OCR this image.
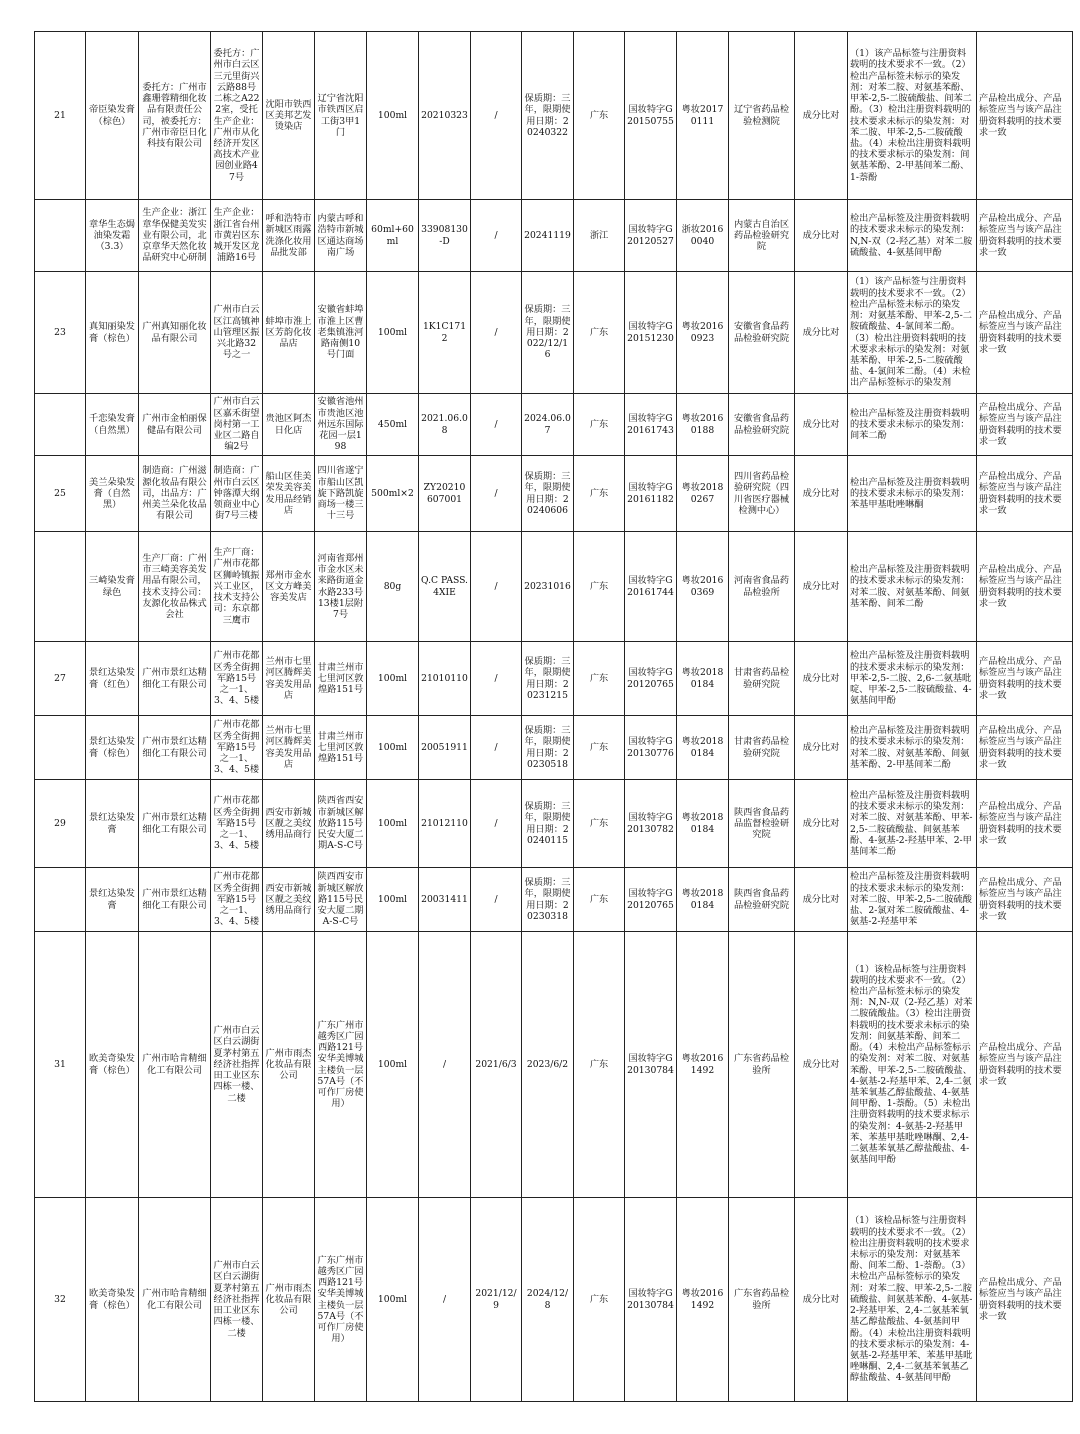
21	帝臣染发膏（棕色）	委托方：广州市鑫珊蓉精细化妆品有限责任公司，被委托方：广州市帝臣日化科技有限公司	委托方：广州市白云区三元里街兴云路88号二栋之A222室，受托生产企业：广州市从化经济开发区高技术产业园创业路47号	沈阳市铁西区美邦艺发烫染店	辽宁省沈阳市铁西区启工街3甲1门	100ml	20210323	/	保质期：三年，限期使用日期：20240322	广东	国妆特字G20150755	粤妆20170111	辽宁省药品检验检测院	成分比对	（1）该产品标签与注册资料载明的技术要求不一致。（2）检出产品标签未标示的染发剂：对苯二胺、对氨基苯酚、甲苯-2,5-二胺硫酸盐、间苯二酚。（3）检出注册资料载明的技术要求未标示的染发剂：对苯二胺、甲苯-2,5-二胺硫酸盐。（4）未检出注册资料载明的技术要求标示的染发剂：间氨基苯酚、2-甲基间苯二酚、1-萘酚	产品检出成分、产品标签应当与该产品注册资料载明的技术要求一致

	章华生态焗油染发霜（3.3）	生产企业：浙江章华保健美发实业有限公司，北京章华天然化妆品研究中心研制	生产企业：浙江省台州市黄岩区东城开发区龙浦路16号	呼和浩特市新城区雨露洗涤化妆用品批发部	内蒙古呼和浩特市新城区通达商场南广场	60ml+60ml	33908130-D	/	20241119	浙江	国妆特字G20120527	浙妆20160040	内蒙古自治区药品检验研究院	成分比对	检出产品标签及注册资料载明的技术要求未标示的染发剂：N,N-双（2-羟乙基）对苯二胺硫酸盐、4-氨基间甲酚	产品检出成分、产品标签应当与该产品注册资料载明的技术要求一致

23	真知丽染发膏（棕色）	广州真知丽化妆品有限公司	广州市白云区江高镇神山管理区振兴北路32号之一	蚌埠市淮上区芳韵化妆品店	安徽省蚌埠市淮上区曹老集镇淮河路南侧10号门面	100ml	1K1C1712	/	保质期：三年，限期使用日期：2022/12/16	广东	国妆特字G20151230	粤妆20160923	安徽省食品药品检验研究院	成分比对	（1）该产品标签与注册资料载明的技术要求不一致。（2）检出产品标签未标示的染发剂：对氨基苯酚、甲苯-2,5-二胺硫酸盐、4-氯间苯二酚。（3）检出注册资料载明的技术要求未标示的染发剂：对氨基苯酚、甲苯-2,5-二胺硫酸盐、4-氯间苯二酚。（4）未检出产品标签标示的染发剂	产品检出成分、产品标签应当与该产品注册资料载明的技术要求一致

	千恋染发膏（自然黑）	广州市金柏丽保健品有限公司	广州市白云区嘉禾街望岗村第一工业区二路自编2号	贵池区阿杰日化店	安徽省池州市贵池区池州远东国际花园一层198	450ml	2021.06.08	/	2024.06.07	广东	国妆特字G20161743	粤妆20160188	安徽省食品药品检验研究院	成分比对	检出产品标签及注册资料载明的技术要求未标示的染发剂：间苯二酚	产品检出成分、产品标签应当与该产品注册资料载明的技术要求一致

25	美兰朵染发膏（自然黑）	制造商：广州滋源化妆品有限公司，出品方：广州美兰朵化妆品有限公司	制造商：广州市白云区钟落潭大纲领商业中心街7号三楼	船山区佳美荣发美容美发用品经销店	四川省遂宁市船山区凯旋下路凯旋商场一楼三十三号	500ml×2	ZY20210607001	/	保质期：三年，限期使用日期：20240606	广东	国妆特字G20161182	粤妆20180267	四川省药品检验研究院（四川省医疗器械检测中心）	成分比对	检出产品标签及注册资料载明的技术要求未标示的染发剂：苯基甲基吡唑啉酮	产品检出成分、产品标签应当与该产品注册资料载明的技术要求一致

	三崎染发膏绿色	生产厂商：广州市三崎美容美发用品有限公司，技术支持公司：友源化妆品株式会社	生产厂商：广州市花都区狮岭镇振兴工业区，技术支持公司：东京都三鹰市	郑州市金水区文方峰美容美发店	河南省郑州市金水区未来路街道金水路233号13楼1层附7号	80g	Q.C PASS.4XIE	/	20231016	广东	国妆特字G20161744	粤妆20160369	河南省食品药品检验所	成分比对	检出产品标签及注册资料载明的技术要求未标示的染发剂：对苯二胺、对氨基苯酚、间氨基苯酚、间苯二酚	产品检出成分、产品标签应当与该产品注册资料载明的技术要求一致

27	景红达染发膏（红色）	广州市景红达精细化工有限公司	广州市花都区秀全街拥军路15号之一1、3、4、5楼	兰州市七里河区腾辉美容美发用品店	甘肃兰州市七里河区敦煌路151号	100ml	21010110	/	保质期：三年，限期使用日期：20231215	广东	国妆特字G20120765	粤妆20180184	甘肃省药品检验研究院	成分比对	检出产品标签及注册资料载明的技术要求未标示的染发剂：甲苯-2,5-二胺、2,6-二氨基吡啶、甲苯-2,5-二胺硫酸盐、4-氨基间甲酚	产品检出成分、产品标签应当与该产品注册资料载明的技术要求一致

	景红达染发膏（棕色）	广州市景红达精细化工有限公司	广州市花都区秀全街拥军路15号之一1、3、4、5楼	兰州市七里河区腾辉美容美发用品店	甘肃兰州市七里河区敦煌路151号	100ml	20051911	/	保质期：三年，限期使用日期：20230518	广东	国妆特字G20130776	粤妆20180184	甘肃省药品检验研究院	成分比对	检出产品标签及注册资料载明的技术要求未标示的染发剂：对苯二胺、对氨基苯酚、间氨基苯酚、2-甲基间苯二酚	产品检出成分、产品标签应当与该产品注册资料载明的技术要求一致

29	景红达染发膏	广州市景红达精细化工有限公司	广州市花都区秀全街拥军路15号之一1、3、4、5楼	西安市新城区靓之美纹绣用品商行	陕西省西安市新城区解放路115号民安大厦二期A-S-C号	100ml	21012110	/	保质期：三年，限期使用日期：20240115	广东	国妆特字G20130782	粤妆20180184	陕西省食品药品监督检验研究院	成分比对	检出产品标签及注册资料载明的技术要求未标示的染发剂：对苯二胺、对氨基苯酚、甲苯-2,5-二胺硫酸盐、间氨基苯酚、4-氨基-2-羟基甲苯、2-甲基间苯二酚	产品检出成分、产品标签应当与该产品注册资料载明的技术要求一致

	景红达染发膏	广州市景红达精细化工有限公司	广州市花都区秀全街拥军路15号之一1、3、4、5楼	西安市新城区靓之美纹绣用品商行	陕西西安市新城区解放路115号民安大厦二期A-S-C号	100ml	20031411	/	保质期：三年，限期使用日期：20230318	广东	国妆特字G20120765	粤妆20180184	陕西省食品药品检验研究院	成分比对	检出产品标签及注册资料载明的技术要求未标示的染发剂：对苯二胺、甲苯-2,5-二胺硫酸盐、2-氯对苯二胺硫酸盐、4-氨基-2-羟基甲苯	产品检出成分、产品标签应当与该产品注册资料载明的技术要求一致

31	欧美奇染发膏（棕色）	广州市哈肯精细化工有限公司	广州市白云区白云湖街夏茅村第五经济社指挥田工业区东四栋一楼、二楼	广州市雨杰化妆品有限公司	广东广州市越秀区广园西路121号安华美博城主楼负一层57A号（不可作厂房使用）	100ml	/	2021/6/3	2023/6/2	广东	国妆特字G20130784	粤妆20161492	广东省药品检验所	成分比对	（1）该检品标签与注册资料载明的技术要求不一致。（2）检出产品标签未标示的染发剂：N,N-双（2-羟乙基）对苯二胺硫酸盐。（3）检出注册资料载明的技术要求未标示的染发剂：间氨基苯酚、间苯二酚。（4）未检出产品标签标示的染发剂：对苯二胺、对氨基苯酚、甲苯-2,5-二胺硫酸盐、4-氨基-2-羟基甲苯、2,4-二氨基苯氧基乙醇盐酸盐、4-氨基间甲酚、1-萘酚。（5）未检出注册资料载明的技术要求标示的染发剂：4-氨基-2-羟基甲苯、苯基甲基吡唑啉酮、2,4-二氨基苯氧基乙醇盐酸盐、4-氨基间甲酚	产品检出成分、产品标签应当与该产品注册资料载明的技术要求一致

32	欧美奇染发膏（棕色）	广州市哈肯精细化工有限公司	广州市白云区白云湖街夏茅村第五经济社指挥田工业区东四栋一楼、二楼	广州市雨杰化妆品有限公司	广东广州市越秀区广园西路121号安华美博城主楼负一层57A号（不可作厂房使用）	100ml	/	2021/12/9	2024/12/8	广东	国妆特字G20130784	粤妆20161492	广东省药品检验所	成分比对	（1）该检品标签与注册资料载明的技术要求不一致。（2）检出注册资料载明的技术要求未标示的染发剂：对氨基苯酚、间苯二酚、1-萘酚。（3）未检出产品标签标示的染发剂：对苯二胺、甲苯-2,5-二胺硫酸盐、间氨基苯酚、4-氨基-2-羟基甲苯、2,4-二氨基苯氧基乙醇盐酸盐、4-氨基间甲酚。（4）未检出注册资料载明的技术要求标示的染发剂：4-氨基-2-羟基甲苯、苯基甲基吡唑啉酮、2,4-二氨基苯氧基乙醇盐酸盐、4-氨基间甲酚	产品检出成分、产品标签应当与该产品注册资料载明的技术要求一致
